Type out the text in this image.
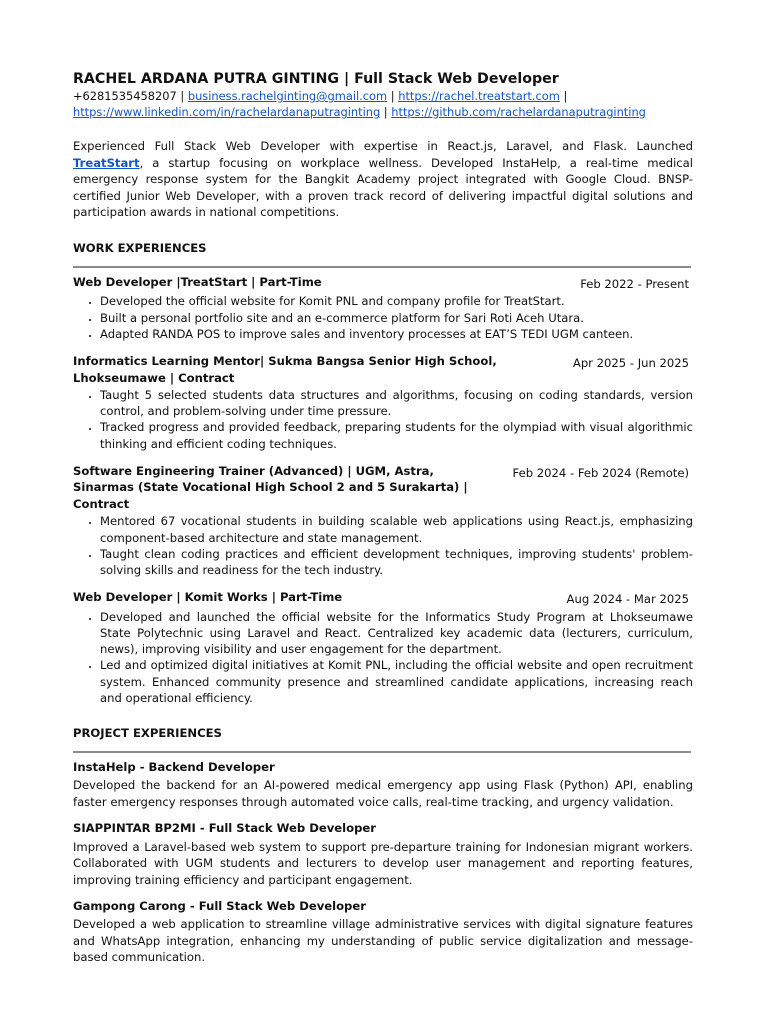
RACHEL ARDANA PUTRA GINTING | Full Stack Web Developer
+6281535458207 | business.rachelginting@gmail.com | https://rachel.treatstart.com |
https://www.linkedin.com/in/rachelardanaputraginting | https://github.com/rachelardanaputraginting
Experienced Full Stack Web Developer with expertise in React.js, Laravel, and Flask. Launched TreatStart, a startup focusing on workplace wellness. Developed InstaHelp, a real-time medical emergency response system for the Bangkit Academy project integrated with Google Cloud. BNSP-certified Junior Web Developer, with a proven track record of delivering impactful digital solutions and participation awards in national competitions.
WORK EXPERIENCES
Web Developer |TreatStart | Part-Time	Feb 2022 - Present
• Developed the official website for Komit PNL and company profile for TreatStart.
• Built a personal portfolio site and an e-commerce platform for Sari Roti Aceh Utara.
• Adapted RANDA POS to improve sales and inventory processes at EAT’S TEDI UGM canteen.
Informatics Learning Mentor| Sukma Bangsa Senior High School, Lhokseumawe | Contract
Apr 2025 - Jun 2025
• Taught 5 selected students data structures and algorithms, focusing on coding standards, version control, and problem-solving under time pressure.
• Tracked progress and provided feedback, preparing students for the olympiad with visual algorithmic thinking and efficient coding techniques.
Software Engineering Trainer (Advanced) | UGM, Astra, Sinarmas (State Vocational High School 2 and 5 Surakarta) | Contract
Feb 2024 - Feb 2024 (Remote)
• Mentored 67 vocational students in building scalable web applications using React.js, emphasizing component-based architecture and state management.
• Taught clean coding practices and efficient development techniques, improving students' problem-solving skills and readiness for the tech industry.
Web Developer | Komit Works | Part-Time	Aug 2024 - Mar 2025
• Developed and launched the official website for the Informatics Study Program at Lhokseumawe State Polytechnic using Laravel and React. Centralized key academic data (lecturers, curriculum, news), improving visibility and user engagement for the department.
• Led and optimized digital initiatives at Komit PNL, including the official website and open recruitment system. Enhanced community presence and streamlined candidate applications, increasing reach and operational efficiency.
PROJECT EXPERIENCES
InstaHelp - Backend Developer
Developed the backend for an AI-powered medical emergency app using Flask (Python) API, enabling faster emergency responses through automated voice calls, real-time tracking, and urgency validation.
SIAPPINTAR BP2MI - Full Stack Web Developer
Improved a Laravel-based web system to support pre-departure training for Indonesian migrant workers. Collaborated with UGM students and lecturers to develop user management and reporting features, improving training efficiency and participant engagement.
Gampong Carong - Full Stack Web Developer
Developed a web application to streamline village administrative services with digital signature features and WhatsApp integration, enhancing my understanding of public service digitalization and message-based communication.
